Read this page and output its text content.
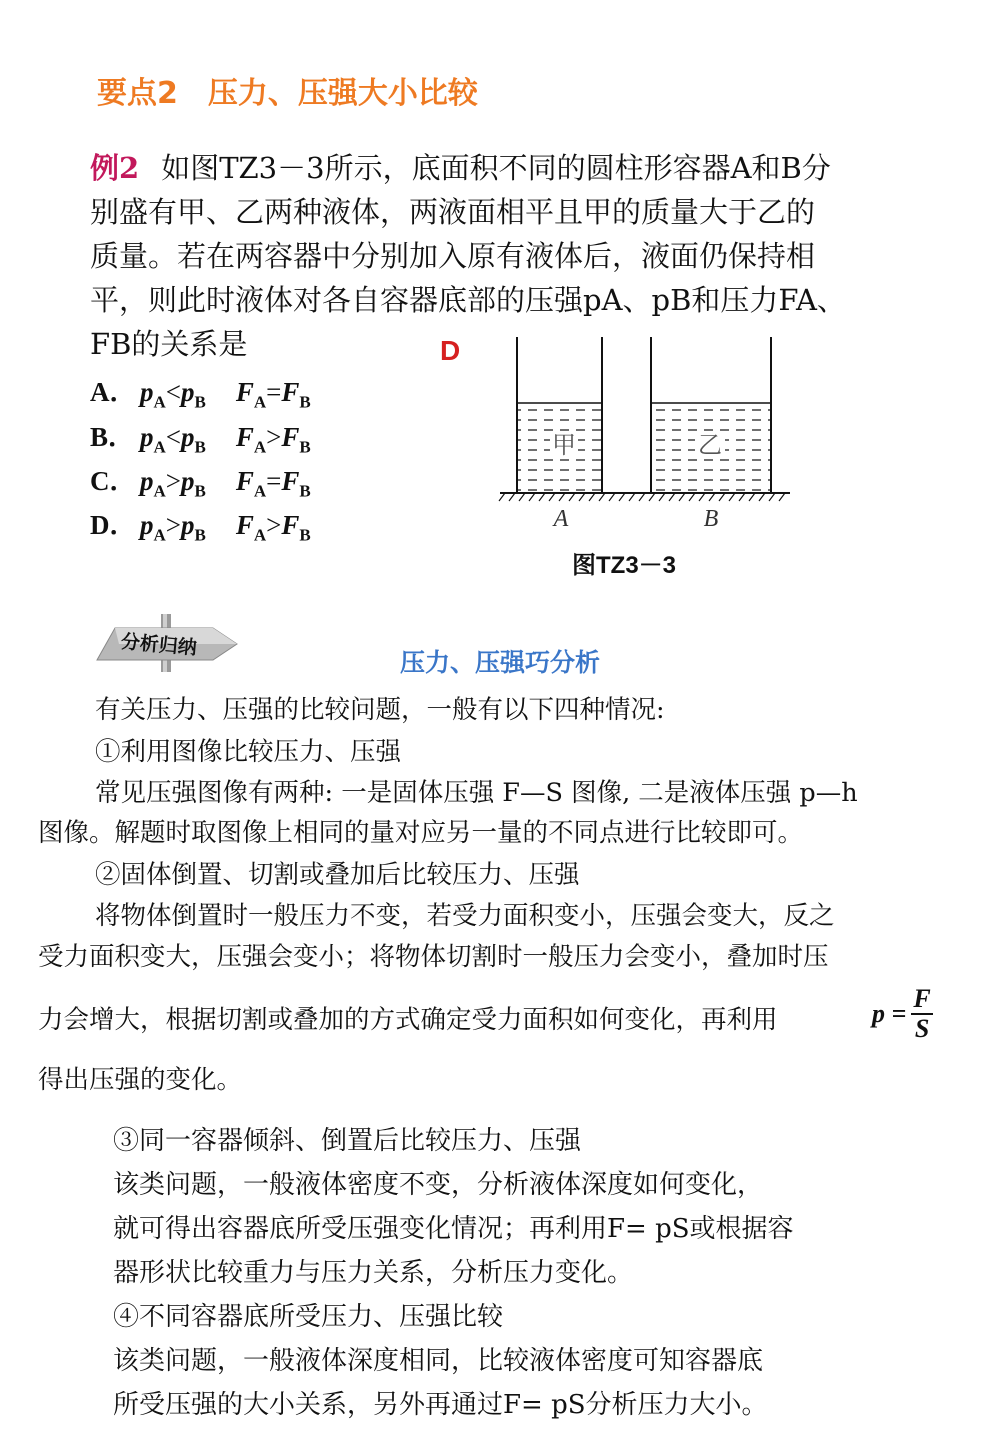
要点2 压力、压强大小比较
例2 如图TZ3－3所示，底面积不同的圆柱形容器A和B分
别盛有甲、乙两种液体，两液面相平且甲的质量大于乙的
质量。若在两容器中分别加入原有液体后，液面仍保持相
平，则此时液体对各自容器底部的压强pA、pB和压力FA、
FB的关系是	D
A． $p_A<p_B$ $F_A=F_B$
B． $p_A<p_B$ $F_A>F_B$
C． $p_A>p_B$ $F_A=F_B$
D． $p_A>p_B$ $F_A>F_B$
甲	乙
A	B
图TZ3－3
分析归纳
压力、压强巧分析
有关压力、压强的比较问题，一般有以下四种情况:
①利用图像比较压力、压强
常见压强图像有两种: 一是固体压强 F—S 图像, 二是液体压强 p—h
图像。解题时取图像上相同的量对应另一量的不同点进行比较即可。
②固体倒置、切割或叠加后比较压力、压强
将物体倒置时一般压力不变，若受力面积变小，压强会变大，反之
受力面积变大，压强会变小；将物体切割时一般压力会变小，叠加时压
力会增大，根据切割或叠加的方式确定受力面积如何变化，再利用	$p = \frac{F}{S}$
得出压强的变化。
③同一容器倾斜、倒置后比较压力、压强
该类问题，一般液体密度不变，分析液体深度如何变化，
就可得出容器底所受压强变化情况；再利用F= pS或根据容
器形状比较重力与压力关系，分析压力变化。
④不同容器底所受压力、压强比较
该类问题，一般液体深度相同，比较液体密度可知容器底
所受压强的大小关系，另外再通过F= pS分析压力大小。
